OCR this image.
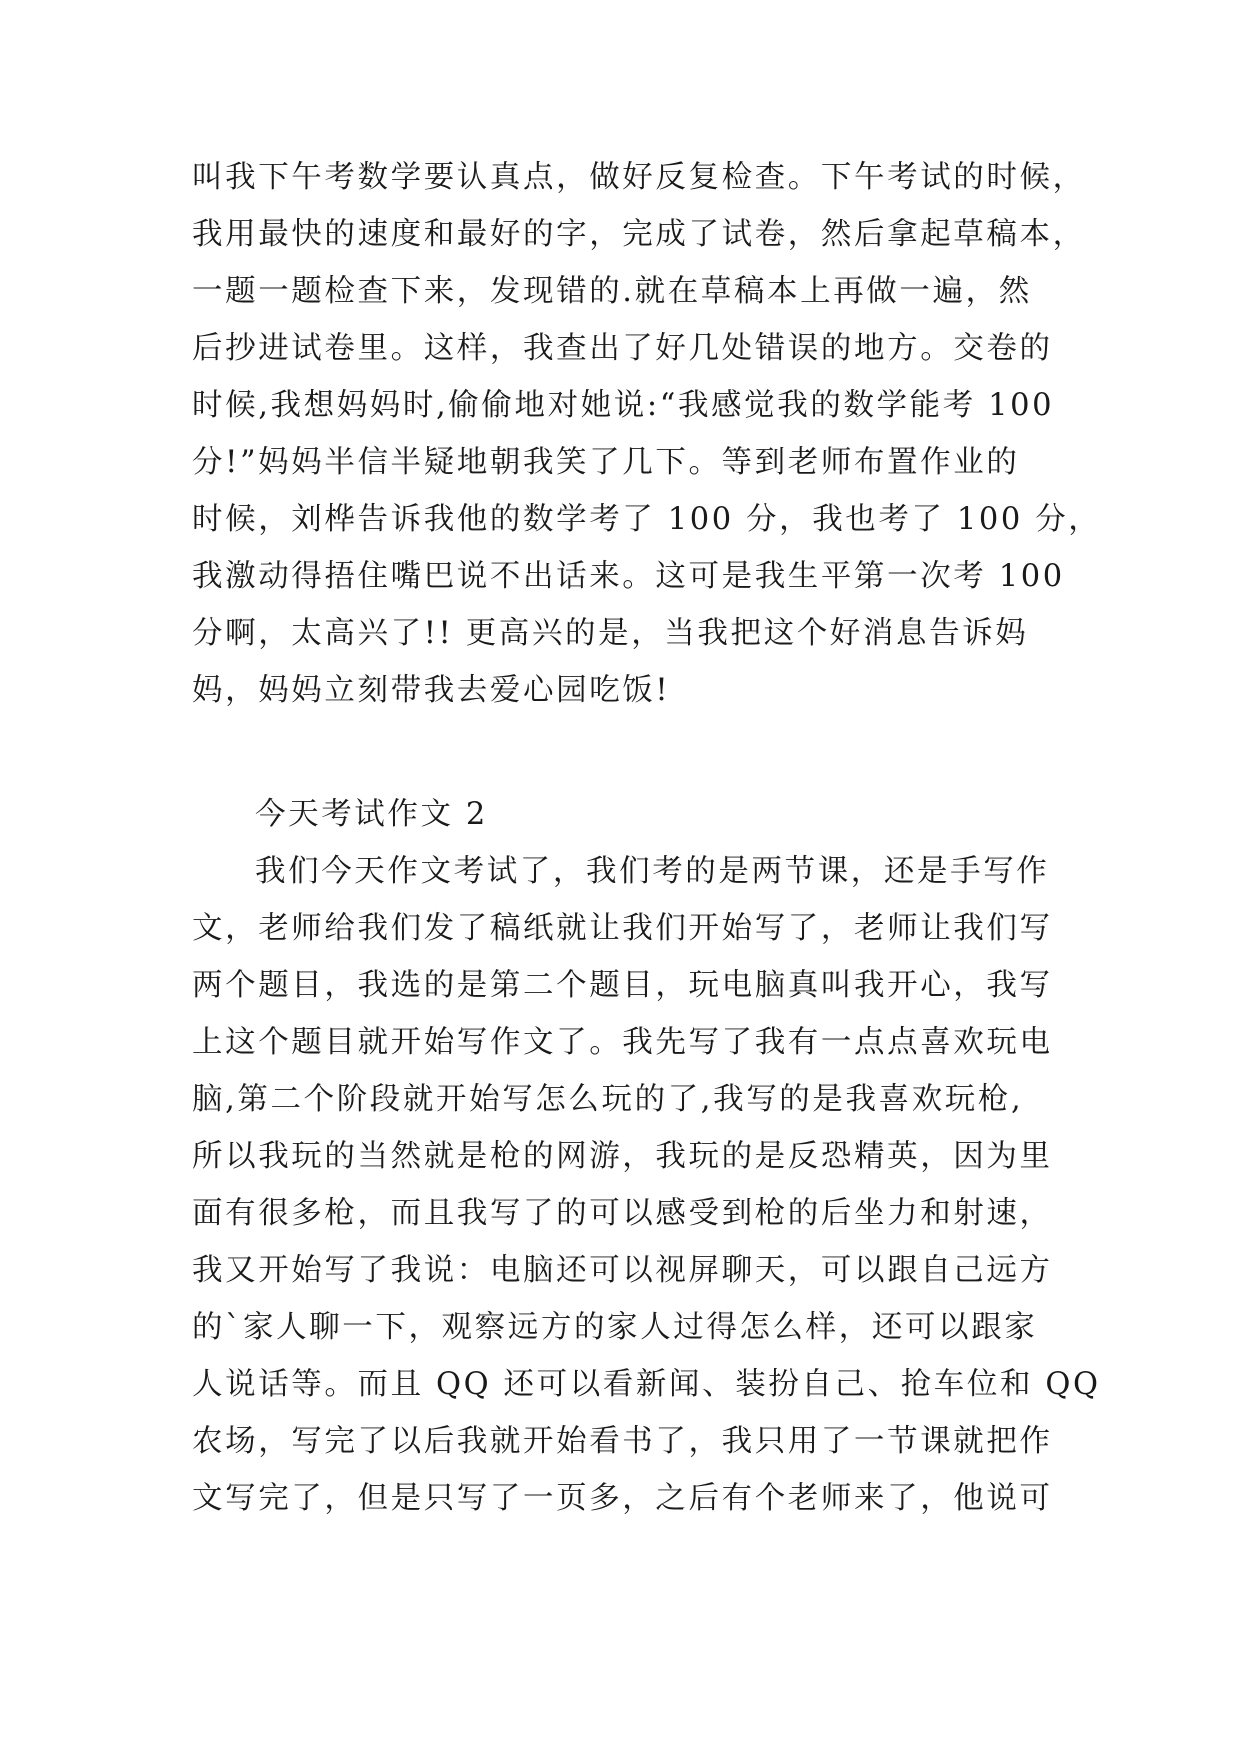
叫我下午考数学要认真点，做好反复检查。下午考试的时候，
我用最快的速度和最好的字，完成了试卷，然后拿起草稿本，
一题一题检查下来，发现错的.就在草稿本上再做一遍，然
后抄进试卷里。这样，我查出了好几处错误的地方。交卷的
时候,我想妈妈时,偷偷地对她说:“我感觉我的数学能考 100
分!”妈妈半信半疑地朝我笑了几下。等到老师布置作业的
时候，刘桦告诉我他的数学考了 100 分，我也考了 100 分，
我激动得捂住嘴巴说不出话来。这可是我生平第一次考 100
分啊，太高兴了!! 更高兴的是，当我把这个好消息告诉妈
妈，妈妈立刻带我去爱心园吃饭!
今天考试作文 2
我们今天作文考试了，我们考的是两节课，还是手写作
文，老师给我们发了稿纸就让我们开始写了，老师让我们写
两个题目，我选的是第二个题目，玩电脑真叫我开心，我写
上这个题目就开始写作文了。我先写了我有一点点喜欢玩电
脑,第二个阶段就开始写怎么玩的了,我写的是我喜欢玩枪,
所以我玩的当然就是枪的网游，我玩的是反恐精英，因为里
面有很多枪，而且我写了的可以感受到枪的后坐力和射速，
我又开始写了我说：电脑还可以视屏聊天，可以跟自己远方
的`家人聊一下，观察远方的家人过得怎么样，还可以跟家
人说话等。而且 QQ 还可以看新闻、装扮自己、抢车位和 QQ
农场，写完了以后我就开始看书了，我只用了一节课就把作
文写完了，但是只写了一页多，之后有个老师来了，他说可
